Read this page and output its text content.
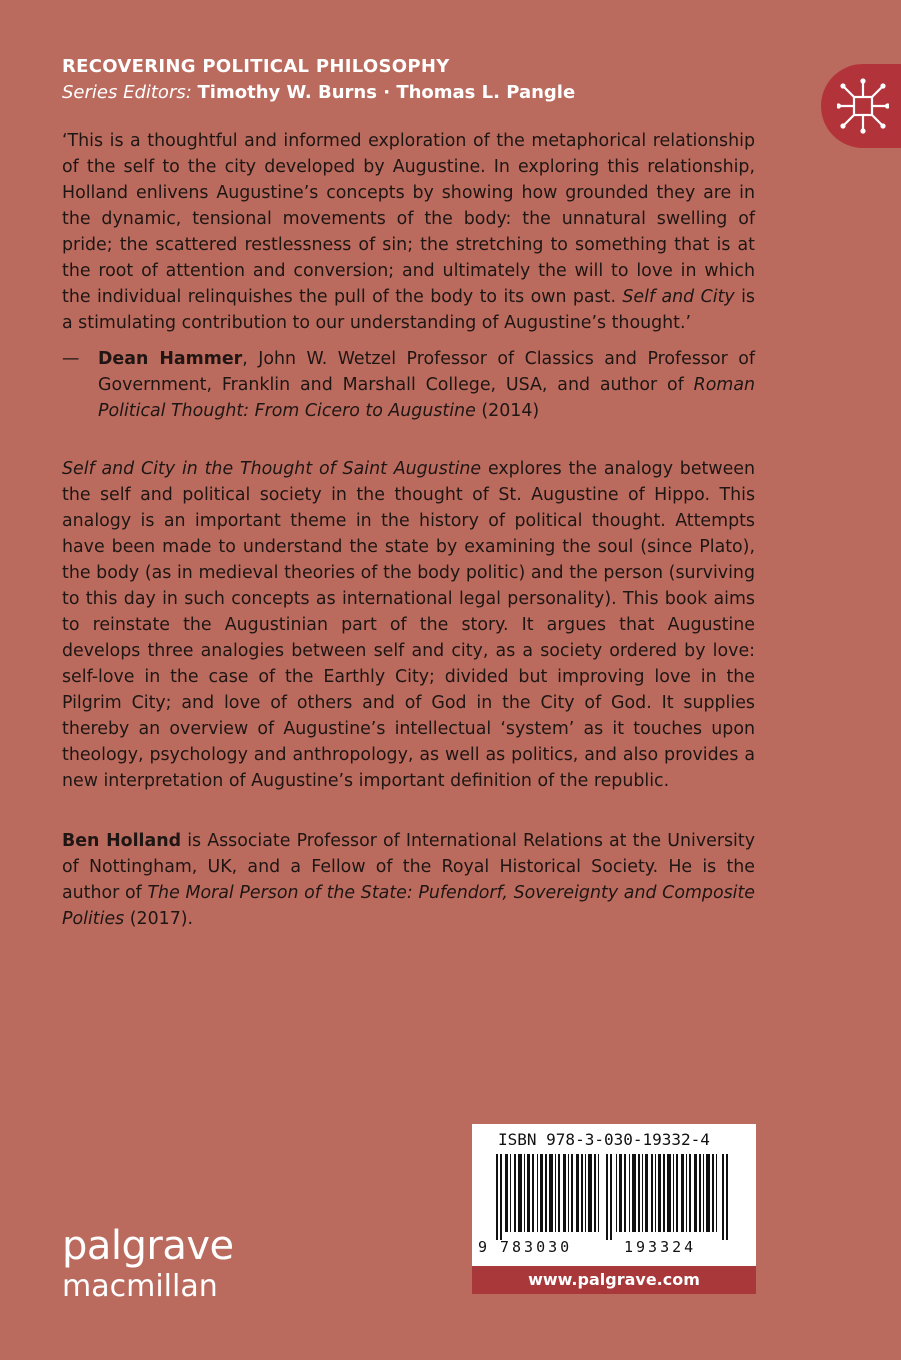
RECOVERING POLITICAL PHILOSOPHY
Series Editors: Timothy W. Burns · Thomas L. Pangle

‘This is a thoughtful and informed exploration of the metaphorical relationship of the self to the city developed by Augustine. In exploring this relationship, Holland enlivens Augustine’s concepts by showing how grounded they are in the dynamic, tensional movements of the body: the unnatural swelling of pride; the scattered restlessness of sin; the stretching to something that is at the root of attention and conversion; and ultimately the will to love in which the individual relinquishes the pull of the body to its own past. Self and City is a stimulating contribution to our understanding of Augustine’s thought.’

— Dean Hammer, John W. Wetzel Professor of Classics and Professor of Government, Franklin and Marshall College, USA, and author of Roman Political Thought: From Cicero to Augustine (2014)

Self and City in the Thought of Saint Augustine explores the analogy between the self and political society in the thought of St. Augustine of Hippo. This analogy is an important theme in the history of political thought. Attempts have been made to understand the state by examining the soul (since Plato), the body (as in medieval theories of the body politic) and the person (surviving to this day in such concepts as international legal personality). This book aims to reinstate the Augustinian part of the story. It argues that Augustine develops three analogies between self and city, as a society ordered by love: self-love in the case of the Earthly City; divided but improving love in the Pilgrim City; and love of others and of God in the City of God. It supplies thereby an overview of Augustine’s intellectual ‘system’ as it touches upon theology, psychology and anthropology, as well as politics, and also provides a new interpretation of Augustine’s important definition of the republic.

Ben Holland is Associate Professor of International Relations at the University of Nottingham, UK, and a Fellow of the Royal Historical Society. He is the author of The Moral Person of the State: Pufendorf, Sovereignty and Composite Polities (2017).

ISBN 978-3-030-19332-4
9 783030	193324
www.palgrave.com
palgrave
macmillan
